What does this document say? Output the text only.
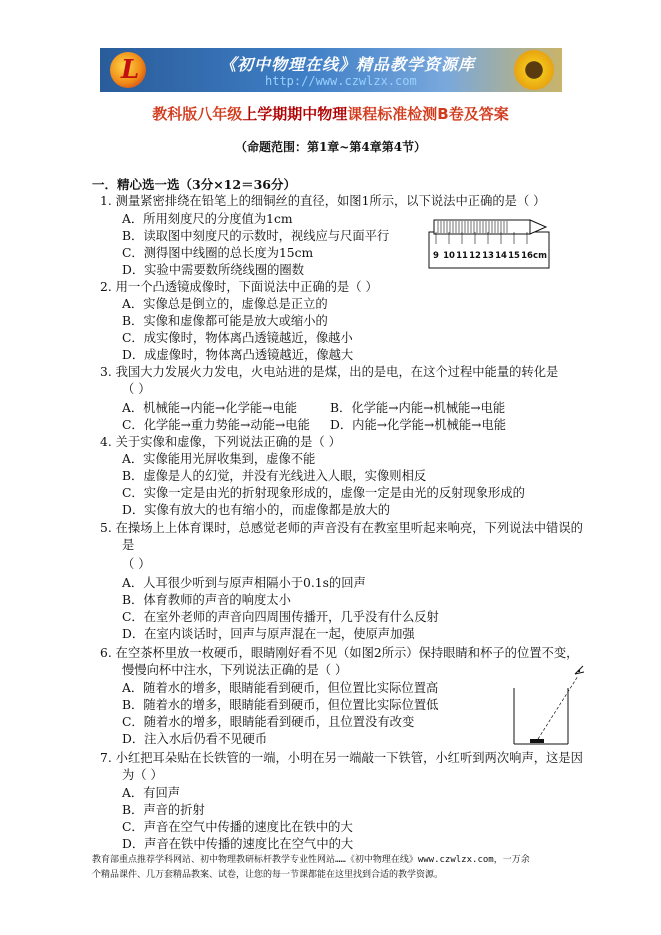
L	《初中物理在线》精品教学资源库
http://www.czwlzx.com
教科版八年级上学期期中物理课程标准检测B卷及答案
（命题范围：第1章~第4章第4节）
一．精心选一选（3分×12＝36分）
1. 测量紧密排绕在铅笔上的细铜丝的直径，如图1所示，以下说法中正确的是（ ）
A．所用刻度尺的分度值为1cm
B．读取图中刻度尺的示数时，视线应与尺面平行
C．测得图中线圈的总长度为15cm
D．实验中需要数所绕线圈的圈数
9 10 11 12 13 14 15 16 cm
2. 用一个凸透镜成像时，下面说法中正确的是（ ）
A．实像总是倒立的，虚像总是正立的
B．实像和虚像都可能是放大或缩小的
C．成实像时，物体离凸透镜越近，像越小
D．成虚像时，物体离凸透镜越近，像越大
3. 我国大力发展火力发电，火电站进的是煤，出的是电，在这个过程中能量的转化是
（ ）
A．机械能→内能→化学能→电能	B．化学能→内能→机械能→电能
C．化学能→重力势能→动能→电能 D．内能→化学能→机械能→电能
4. 关于实像和虚像，下列说法正确的是（ ）
A．实像能用光屏收集到，虚像不能
B．虚像是人的幻觉，并没有光线进入人眼，实像则相反
C．实像一定是由光的折射现象形成的，虚像一定是由光的反射现象形成的
D．实像有放大的也有缩小的，而虚像都是放大的
5. 在操场上上体育课时，总感觉老师的声音没有在教室里听起来响亮，下列说法中错误的
是
（ ）
A．人耳很少听到与原声相隔小于0.1s的回声
B．体育教师的声音的响度太小
C．在室外老师的声音向四周围传播开，几乎没有什么反射
D．在室内谈话时，回声与原声混在一起，使原声加强
6. 在空茶杯里放一枚硬币，眼睛刚好看不见（如图2所示）保持眼睛和杯子的位置不变，
慢慢向杯中注水，下列说法正确的是（ ）
A．随着水的增多，眼睛能看到硬币，但位置比实际位置高
B．随着水的增多，眼睛能看到硬币，但位置比实际位置低
C．随着水的增多，眼睛能看到硬币，且位置没有改变
D．注入水后仍看不见硬币
7. 小红把耳朵贴在长铁管的一端，小明在另一端敲一下铁管，小红听到两次响声，这是因
为（ ）
A．有回声
B．声音的折射
C．声音在空气中传播的速度比在铁中的大
D．声音在铁中传播的速度比在空气中的大
教育部重点推荐学科网站、初中物理教研标杆教学专业性网站……《初中物理在线》www.czwlzx.com，一万余
个精品课件、几万套精品教案、试卷，让您的每一节课都能在这里找到合适的教学资源。
